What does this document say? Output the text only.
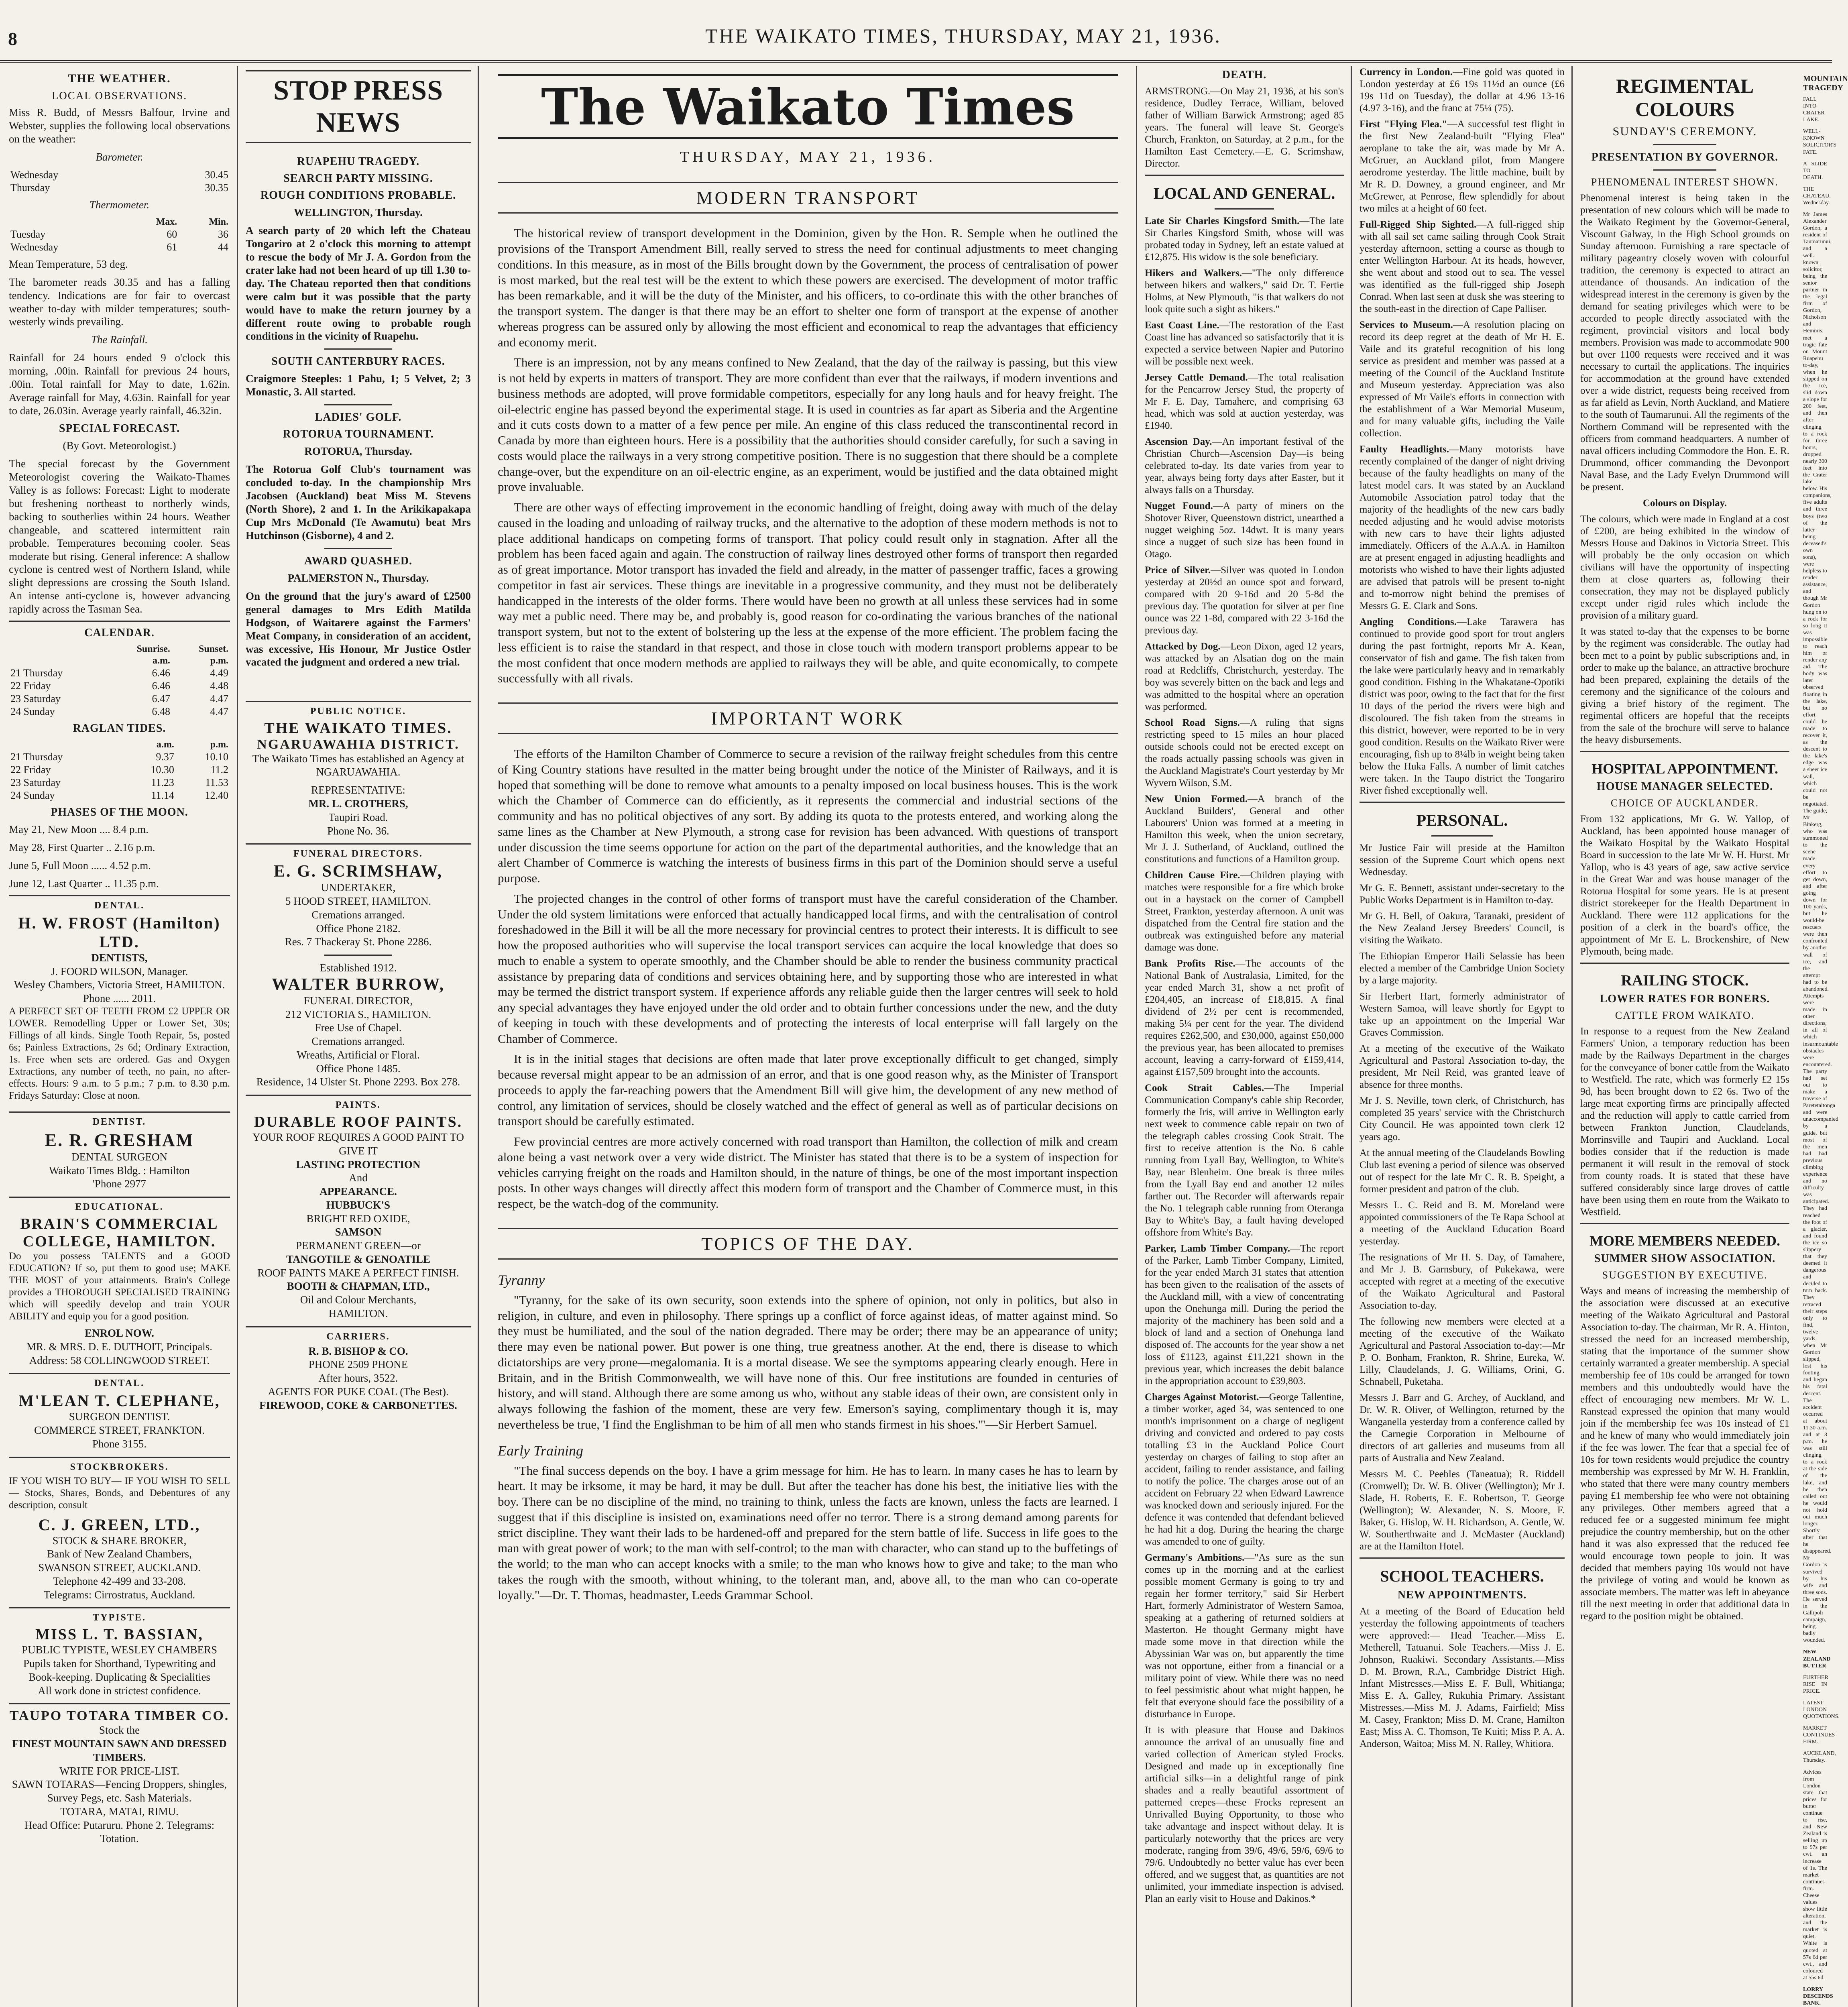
8	THE WAIKATO TIMES, THURSDAY, MAY 21, 1936.
THE WEATHER.
LOCAL OBSERVATIONS.

Miss R. Budd, of Messrs Balfour, Irvine and Webster, supplies the following local observations on the weather:

Barometer.
Wednesday	30.45
Thursday	30.35
Thermometer.
	Max.	Min.
Tuesday	60	36
Wednesday	61	44

Mean Temperature, 53 deg.

The barometer reads 30.35 and has a falling tendency. Indications are for fair to overcast weather to-day with milder temperatures; south-westerly winds prevailing.

The Rainfall.

Rainfall for 24 hours ended 9 o'clock this morning, .00in. Rainfall for previous 24 hours, .00in. Total rainfall for May to date, 1.62in. Average rainfall for May, 4.63in. Rainfall for year to date, 26.03in. Average yearly rainfall, 46.32in.

SPECIAL FORECAST.
(By Govt. Meteorologist.)

The special forecast by the Government Meteorologist covering the Waikato-Thames Valley is as follows: Forecast: Light to moderate but freshening northeast to northerly winds, backing to southerlies within 24 hours. Weather changeable, and scattered intermittent rain probable. Temperatures becoming cooler. Seas moderate but rising. General inference: A shallow cyclone is centred west of Northern Island, while slight depressions are crossing the South Island. An intense anti-cyclone is, however advancing rapidly across the Tasman Sea.

CALENDAR.
	Sunrise.	Sunset.
	a.m.	p.m.
21 Thursday	6.46	4.49
22 Friday	6.46	4.48
23 Saturday	6.47	4.47
24 Sunday	6.48	4.47
RAGLAN TIDES.
	a.m.	p.m.
21 Thursday	9.37	10.10
22 Friday	10.30	11.2
23 Saturday	11.23	11.53
24 Sunday	11.14	12.40
PHASES OF THE MOON.
May 21, New Moon .... 8.4 p.m.
May 28, First Quarter .. 2.16 p.m.
June 5, Full Moon ...... 4.52 p.m.
June 12, Last Quarter .. 11.35 p.m.
DENTAL.
H. W. FROST (Hamilton) LTD.
DENTISTS,
J. FOORD WILSON, Manager.
Wesley Chambers, Victoria Street, HAMILTON.
Phone ...... 2011.

A PERFECT SET OF TEETH FROM £2 UPPER OR LOWER. Remodelling Upper or Lower Set, 30s; Fillings of all kinds. Single Tooth Repair, 5s, posted 6s; Painless Extractions, 2s 6d; Ordinary Extraction, 1s. Free when sets are ordered. Gas and Oxygen Extractions, any number of teeth, no pain, no after-effects. Hours: 9 a.m. to 5 p.m.; 7 p.m. to 8.30 p.m. Fridays Saturday: Close at noon.

DENTIST.
E. R. GRESHAM
DENTAL SURGEON
Waikato Times Bldg. : Hamilton
'Phone 2977
EDUCATIONAL.
BRAIN'S COMMERCIAL COLLEGE, HAMILTON.

Do you possess TALENTS and a GOOD EDUCATION? If so, put them to good use; MAKE THE MOST of your attainments. Brain's College provides a THOROUGH SPECIALISED TRAINING which will speedily develop and train YOUR ABILITY and equip you for a good position.

ENROL NOW.
MR. & MRS. D. E. DUTHOIT, Principals.
Address: 58 COLLINGWOOD STREET.
DENTAL.
M'LEAN T. CLEPHANE,
SURGEON DENTIST.
COMMERCE STREET, FRANKTON.
Phone 3155.
STOCKBROKERS.

IF YOU WISH TO BUY— IF YOU WISH TO SELL— Stocks, Shares, Bonds, and Debentures of any description, consult

C. J. GREEN, LTD.,
STOCK & SHARE BROKER,
Bank of New Zealand Chambers,
SWANSON STREET, AUCKLAND.
Telephone 42-499 and 33-208.
Telegrams: Cirrostratus, Auckland.
TYPISTE.
MISS L. T. BASSIAN,
PUBLIC TYPISTE, WESLEY CHAMBERS
Pupils taken for Shorthand, Typewriting and Book-keeping. Duplicating & Specialities
All work done in strictest confidence.
TAUPO TOTARA TIMBER CO.
Stock the
FINEST MOUNTAIN SAWN AND DRESSED TIMBERS.
WRITE FOR PRICE-LIST.
SAWN TOTARAS—Fencing Droppers, shingles, Survey Pegs, etc. Sash Materials.
TOTARA, MATAI, RIMU.
Head Office: Putaruru. Phone 2. Telegrams: Totation.
STOP PRESS NEWS
RUAPEHU TRAGEDY.
SEARCH PARTY MISSING.
ROUGH CONDITIONS PROBABLE.
WELLINGTON, Thursday.

A search party of 20 which left the Chateau Tongariro at 2 o'clock this morning to attempt to rescue the body of Mr J. A. Gordon from the crater lake had not been heard of up till 1.30 to-day. The Chateau reported then that conditions were calm but it was possible that the party would have to make the return journey by a different route owing to probable rough conditions in the vicinity of Ruapehu.

SOUTH CANTERBURY RACES.

Craigmore Steeples: 1 Pahu, 1; 5 Velvet, 2; 3 Monastic, 3. All started.

LADIES' GOLF.
ROTORUA TOURNAMENT.
ROTORUA, Thursday.

The Rotorua Golf Club's tournament was concluded to-day. In the championship Mrs Jacobsen (Auckland) beat Miss M. Stevens (North Shore), 2 and 1. In the Arikikapakapa Cup Mrs McDonald (Te Awamutu) beat Mrs Hutchinson (Gisborne), 4 and 2.

AWARD QUASHED.
PALMERSTON N., Thursday.

On the ground that the jury's award of £2500 general damages to Mrs Edith Matilda Hodgson, of Waitarere against the Farmers' Meat Company, in consideration of an accident, was excessive, His Honour, Mr Justice Ostler vacated the judgment and ordered a new trial.

PUBLIC NOTICE.
THE WAIKATO TIMES.
NGARUAWAHIA DISTRICT.

The Waikato Times has established an Agency at NGARUAWAHIA.

REPRESENTATIVE:
MR. L. CROTHERS,
Taupiri Road.
Phone No. 36.
FUNERAL DIRECTORS.
E. G. SCRIMSHAW,
UNDERTAKER,
5 HOOD STREET, HAMILTON.
Cremations arranged.
Office Phone 2182.
Res. 7 Thackeray St. Phone 2286.
Established 1912.
WALTER BURROW,
FUNERAL DIRECTOR,
212 VICTORIA S., HAMILTON.
Free Use of Chapel.
Cremations arranged.
Wreaths, Artificial or Floral.
Office Phone 1485.
Residence, 14 Ulster St. Phone 2293. Box 278.
PAINTS.
DURABLE ROOF PAINTS.
YOUR ROOF REQUIRES A GOOD PAINT TO GIVE IT
LASTING PROTECTION
And
APPEARANCE.
HUBBUCK'S
BRIGHT RED OXIDE,
SAMSON
PERMANENT GREEN—or
TANGOTILE & GENOATILE
ROOF PAINTS MAKE A PERFECT FINISH.
BOOTH & CHAPMAN, LTD.,
Oil and Colour Merchants,
HAMILTON.
CARRIERS.
R. B. BISHOP & CO.
PHONE 2509 PHONE
After hours, 3522.
AGENTS FOR PUKE COAL (The Best).
FIREWOOD, COKE & CARBONETTES.
The Waikato Times
THURSDAY, MAY 21, 1936.
MODERN TRANSPORT

The historical review of transport development in the Dominion, given by the Hon. R. Semple when he outlined the provisions of the Transport Amendment Bill, really served to stress the need for continual adjustments to meet changing conditions. In this measure, as in most of the Bills brought down by the Government, the process of centralisation of power is most marked, but the real test will be the extent to which these powers are exercised. The development of motor traffic has been remarkable, and it will be the duty of the Minister, and his officers, to co-ordinate this with the other branches of the transport system. The danger is that there may be an effort to shelter one form of transport at the expense of another whereas progress can be assured only by allowing the most efficient and economical to reap the advantages that efficiency and economy merit.

There is an impression, not by any means confined to New Zealand, that the day of the railway is passing, but this view is not held by experts in matters of transport. They are more confident than ever that the railways, if modern inventions and business methods are adopted, will prove formidable competitors, especially for any long hauls and for heavy freight. The oil-electric engine has passed beyond the experimental stage. It is used in countries as far apart as Siberia and the Argentine and it cuts costs down to a matter of a few pence per mile. An engine of this class reduced the transcontinental record in Canada by more than eighteen hours. Here is a possibility that the authorities should consider carefully, for such a saving in costs would place the railways in a very strong competitive position. There is no suggestion that there should be a complete change-over, but the expenditure on an oil-electric engine, as an experiment, would be justified and the data obtained might prove invaluable.

There are other ways of effecting improvement in the economic handling of freight, doing away with much of the delay caused in the loading and unloading of railway trucks, and the alternative to the adoption of these modern methods is not to place additional handicaps on competing forms of transport. That policy could result only in stagnation. After all the problem has been faced again and again. The construction of railway lines destroyed other forms of transport then regarded as of great importance. Motor transport has invaded the field and already, in the matter of passenger traffic, faces a growing competitor in fast air services. These things are inevitable in a progressive community, and they must not be deliberately handicapped in the interests of the older forms. There would have been no growth at all unless these services had in some way met a public need. There may be, and probably is, good reason for co-ordinating the various branches of the national transport system, but not to the extent of bolstering up the less at the expense of the more efficient. The problem facing the less efficient is to raise the standard in that respect, and those in close touch with modern transport problems appear to be the most confident that once modern methods are applied to railways they will be able, and quite economically, to compete successfully with all rivals.

IMPORTANT WORK

The efforts of the Hamilton Chamber of Commerce to secure a revision of the railway freight schedules from this centre of King Country stations have resulted in the matter being brought under the notice of the Minister of Railways, and it is hoped that something will be done to remove what amounts to a penalty imposed on local business houses. This is the work which the Chamber of Commerce can do efficiently, as it represents the commercial and industrial sections of the community and has no political objectives of any sort. By adding its quota to the protests entered, and working along the same lines as the Chamber at New Plymouth, a strong case for revision has been advanced. With questions of transport under discussion the time seems opportune for action on the part of the departmental authorities, and the knowledge that an alert Chamber of Commerce is watching the interests of business firms in this part of the Dominion should serve a useful purpose.

The projected changes in the control of other forms of transport must have the careful consideration of the Chamber. Under the old system limitations were enforced that actually handicapped local firms, and with the centralisation of control foreshadowed in the Bill it will be all the more necessary for provincial centres to protect their interests. It is difficult to see how the proposed authorities who will supervise the local transport services can acquire the local knowledge that does so much to enable a system to operate smoothly, and the Chamber should be able to render the business community practical assistance by preparing data of conditions and services obtaining here, and by supporting those who are interested in what may be termed the district transport system. If experience affords any reliable guide then the larger centres will seek to hold any special advantages they have enjoyed under the old order and to obtain further concessions under the new, and the duty of keeping in touch with these developments and of protecting the interests of local enterprise will fall largely on the Chamber of Commerce.

It is in the initial stages that decisions are often made that later prove exceptionally difficult to get changed, simply because reversal might appear to be an admission of an error, and that is one good reason why, as the Minister of Transport proceeds to apply the far-reaching powers that the Amendment Bill will give him, the development of any new method of control, any limitation of services, should be closely watched and the effect of general as well as of particular decisions on transport should be carefully estimated.

Few provincial centres are more actively concerned with road transport than Hamilton, the collection of milk and cream alone being a vast network over a very wide district. The Minister has stated that there is to be a system of inspection for vehicles carrying freight on the roads and Hamilton should, in the nature of things, be one of the most important inspection posts. In other ways changes will directly affect this modern form of transport and the Chamber of Commerce must, in this respect, be the watch-dog of the community.

TOPICS OF THE DAY.
Tyranny

"Tyranny, for the sake of its own security, soon extends into the sphere of opinion, not only in politics, but also in religion, in culture, and even in philosophy. There springs up a conflict of force against ideas, of matter against mind. So they must be humiliated, and the soul of the nation degraded. There may be order; there may be an appearance of unity; there may even be national power. But power is one thing, true greatness another. At the end, there is disease to which dictatorships are very prone—megalomania. It is a mortal disease. We see the symptoms appearing clearly enough. Here in Britain, and in the British Commonwealth, we will have none of this. Our free institutions are founded in centuries of history, and will stand. Although there are some among us who, without any stable ideas of their own, are consistent only in always following the fashion of the moment, these are very few. Emerson's saying, complimentary though it is, may nevertheless be true, 'I find the Englishman to be him of all men who stands firmest in his shoes.'"—Sir Herbert Samuel.

Early Training

"The final success depends on the boy. I have a grim message for him. He has to learn. In many cases he has to learn by heart. It may be irksome, it may be hard, it may be dull. But after the teacher has done his best, the initiative lies with the boy. There can be no discipline of the mind, no training to think, unless the facts are known, unless the facts are learned. I suggest that if this discipline is insisted on, examinations need offer no terror. There is a strong demand among parents for strict discipline. They want their lads to be hardened-off and prepared for the stern battle of life. Success in life goes to the man with great power of work; to the man with self-control; to the man with character, who can stand up to the buffetings of the world; to the man who can accept knocks with a smile; to the man who knows how to give and take; to the man who takes the rough with the smooth, without whining, to the tolerant man, and, above all, to the man who can co-operate loyally."—Dr. T. Thomas, headmaster, Leeds Grammar School.

DEATH.

ARMSTRONG.—On May 21, 1936, at his son's residence, Dudley Terrace, William, beloved father of William Barwick Armstrong; aged 85 years. The funeral will leave St. George's Church, Frankton, on Saturday, at 2 p.m., for the Hamilton East Cemetery.—E. G. Scrimshaw, Director.

LOCAL AND GENERAL.

Late Sir Charles Kingsford Smith.—The late Sir Charles Kingsford Smith, whose will was probated today in Sydney, left an estate valued at £12,875. His widow is the sole beneficiary.

Hikers and Walkers.—"The only difference between hikers and walkers," said Dr. T. Fertie Holms, at New Plymouth, "is that walkers do not look quite such a sight as hikers."

East Coast Line.—The restoration of the East Coast line has advanced so satisfactorily that it is expected a service between Napier and Putorino will be possible next week.

Jersey Cattle Demand.—The total realisation for the Pencarrow Jersey Stud, the property of Mr F. E. Day, Tamahere, and comprising 63 head, which was sold at auction yesterday, was £1940.

Ascension Day.—An important festival of the Christian Church—Ascension Day—is being celebrated to-day. Its date varies from year to year, always being forty days after Easter, but it always falls on a Thursday.

Nugget Found.—A party of miners on the Shotover River, Queenstown district, unearthed a nugget weighing 5oz. 14dwt. It is many years since a nugget of such size has been found in Otago.

Price of Silver.—Silver was quoted in London yesterday at 20½d an ounce spot and forward, compared with 20 9-16d and 20 5-8d the previous day. The quotation for silver at per fine ounce was 22 1-8d, compared with 22 3-16d the previous day.

Attacked by Dog.—Leon Dixon, aged 12 years, was attacked by an Alsatian dog on the main road at Redcliffs, Christchurch, yesterday. The boy was severely bitten on the back and legs and was admitted to the hospital where an operation was performed.

School Road Signs.—A ruling that signs restricting speed to 15 miles an hour placed outside schools could not be erected except on the roads actually passing schools was given in the Auckland Magistrate's Court yesterday by Mr Wyvern Wilson, S.M.

New Union Formed.—A branch of the Auckland Builders', General and other Labourers' Union was formed at a meeting in Hamilton this week, when the union secretary, Mr J. J. Sutherland, of Auckland, outlined the constitutions and functions of a Hamilton group.

Children Cause Fire.—Children playing with matches were responsible for a fire which broke out in a haystack on the corner of Campbell Street, Frankton, yesterday afternoon. A unit was dispatched from the Central fire station and the outbreak was extinguished before any material damage was done.

Bank Profits Rise.—The accounts of the National Bank of Australasia, Limited, for the year ended March 31, show a net profit of £204,405, an increase of £18,815. A final dividend of 2½ per cent is recommended, making 5¼ per cent for the year. The dividend requires £262,500, and £30,000, against £50,000 the previous year, has been allocated to premises account, leaving a carry-forward of £159,414, against £157,509 brought into the accounts.

Cook Strait Cables.—The Imperial Communication Company's cable ship Recorder, formerly the Iris, will arrive in Wellington early next week to commence cable repair on two of the telegraph cables crossing Cook Strait. The first to receive attention is the No. 6 cable running from Lyall Bay, Wellington, to White's Bay, near Blenheim. One break is three miles from the Lyall Bay end and another 12 miles farther out. The Recorder will afterwards repair the No. 1 telegraph cable running from Oteranga Bay to White's Bay, a fault having developed offshore from White's Bay.

Parker, Lamb Timber Company.—The report of the Parker, Lamb Timber Company, Limited, for the year ended March 31 states that attention has been given to the realisation of the assets of the Auckland mill, with a view of concentrating upon the Onehunga mill. During the period the majority of the machinery has been sold and a block of land and a section of Onehunga land disposed of. The accounts for the year show a net loss of £1123, against £11,221 shown in the previous year, which increases the debit balance in the appropriation account to £39,803.

Charges Against Motorist.—George Tallentine, a timber worker, aged 34, was sentenced to one month's imprisonment on a charge of negligent driving and convicted and ordered to pay costs totalling £3 in the Auckland Police Court yesterday on charges of failing to stop after an accident, failing to render assistance, and failing to notify the police. The charges arose out of an accident on February 22 when Edward Lawrence was knocked down and seriously injured. For the defence it was contended that defendant believed he had hit a dog. During the hearing the charge was amended to one of guilty.

Germany's Ambitions.—"As sure as the sun comes up in the morning and at the earliest possible moment Germany is going to try and regain her former territory," said Sir Herbert Hart, formerly Administrator of Western Samoa, speaking at a gathering of returned soldiers at Masterton. He thought Germany might have made some move in that direction while the Abyssinian War was on, but apparently the time was not opportune, either from a financial or a military point of view. While there was no need to feel pessimistic about what might happen, he felt that everyone should face the possibility of a disturbance in Europe.

It is with pleasure that House and Dakinos announce the arrival of an unusually fine and varied collection of American styled Frocks. Designed and made up in exceptionally fine artificial silks—in a delightful range of pink shades and a really beautiful assortment of patterned crepes—these Frocks represent an Unrivalled Buying Opportunity, to those who take advantage and inspect without delay. It is particularly noteworthy that the prices are very moderate, ranging from 39/6, 49/6, 59/6, 69/6 to 79/6. Undoubtedly no better value has ever been offered, and we suggest that, as quantities are not unlimited, your immediate inspection is advised. Plan an early visit to House and Dakinos.*

Currency in London.—Fine gold was quoted in London yesterday at £6 19s 11½d an ounce (£6 19s 11d on Tuesday), the dollar at 4.96 13-16 (4.97 3-16), and the franc at 75¼ (75).

First "Flying Flea."—A successful test flight in the first New Zealand-built "Flying Flea" aeroplane to take the air, was made by Mr A. McGruer, an Auckland pilot, from Mangere aerodrome yesterday. The little machine, built by Mr R. D. Downey, a ground engineer, and Mr McGrewer, at Penrose, flew splendidly for about two miles at a height of 60 feet.

Full-Rigged Ship Sighted.—A full-rigged ship with all sail set came sailing through Cook Strait yesterday afternoon, setting a course as though to enter Wellington Harbour. At its heads, however, she went about and stood out to sea. The vessel was identified as the full-rigged ship Joseph Conrad. When last seen at dusk she was steering to the south-east in the direction of Cape Palliser.

Services to Museum.—A resolution placing on record its deep regret at the death of Mr H. E. Vaile and its grateful recognition of his long service as president and member was passed at a meeting of the Council of the Auckland Institute and Museum yesterday. Appreciation was also expressed of Mr Vaile's efforts in connection with the establishment of a War Memorial Museum, and for many valuable gifts, including the Vaile collection.

Faulty Headlights.—Many motorists have recently complained of the danger of night driving because of the faulty headlights on many of the latest model cars. It was stated by an Auckland Automobile Association patrol today that the majority of the headlights of the new cars badly needed adjusting and he would advise motorists with new cars to have their lights adjusted immediately. Officers of the A.A.A. in Hamilton are at present engaged in adjusting headlights and motorists who wished to have their lights adjusted are advised that patrols will be present to-night and to-morrow night behind the premises of Messrs G. E. Clark and Sons.

Angling Conditions.—Lake Tarawera has continued to provide good sport for trout anglers during the past fortnight, reports Mr A. Kean, conservator of fish and game. The fish taken from the lake were particularly heavy and in remarkably good condition. Fishing in the Whakatane-Opotiki district was poor, owing to the fact that for the first 10 days of the period the rivers were high and discoloured. The fish taken from the streams in this district, however, were reported to be in very good condition. Results on the Waikato River were encouraging, fish up to 8¼lb in weight being taken below the Huka Falls. A number of limit catches were taken. In the Taupo district the Tongariro River fished exceptionally well.

PERSONAL.

Mr Justice Fair will preside at the Hamilton session of the Supreme Court which opens next Wednesday.

Mr G. E. Bennett, assistant under-secretary to the Public Works Department is in Hamilton to-day.

Mr G. H. Bell, of Oakura, Taranaki, president of the New Zealand Jersey Breeders' Council, is visiting the Waikato.

The Ethiopian Emperor Haili Selassie has been elected a member of the Cambridge Union Society by a large majority.

Sir Herbert Hart, formerly administrator of Western Samoa, will leave shortly for Egypt to take up an appointment on the Imperial War Graves Commission.

At a meeting of the executive of the Waikato Agricultural and Pastoral Association to-day, the president, Mr Neil Reid, was granted leave of absence for three months.

Mr J. S. Neville, town clerk, of Christchurch, has completed 35 years' service with the Christchurch City Council. He was appointed town clerk 12 years ago.

At the annual meeting of the Claudelands Bowling Club last evening a period of silence was observed out of respect for the late Mr C. R. B. Speight, a former president and patron of the club.

Messrs L. C. Reid and B. M. Moreland were appointed commissioners of the Te Rapa School at a meeting of the Auckland Education Board yesterday.

The resignations of Mr H. S. Day, of Tamahere, and Mr J. B. Garnsbury, of Pukekawa, were accepted with regret at a meeting of the executive of the Waikato Agricultural and Pastoral Association to-day.

The following new members were elected at a meeting of the executive of the Waikato Agricultural and Pastoral Association to-day:—Mr P. O. Bonham, Frankton, R. Shrine, Eureka, W. Lilly, Claudelands, J. G. Williams, Orini, G. Schnabell, Puketaha.

Messrs J. Barr and G. Archey, of Auckland, and Dr. W. R. Oliver, of Wellington, returned by the Wanganella yesterday from a conference called by the Carnegie Corporation in Melbourne of directors of art galleries and museums from all parts of Australia and New Zealand.

Messrs M. C. Peebles (Taneatua); R. Riddell (Cromwell); Dr. W. B. Oliver (Wellington); Mr J. Slade, H. Roberts, E. E. Robertson, T. George (Wellington); W. Alexander, N. S. Moore, F. Baker, G. Hislop, W. H. Richardson, A. Gentle, W. W. Southerthwaite and J. McMaster (Auckland) are at the Hamilton Hotel.

SCHOOL TEACHERS.
NEW APPOINTMENTS.

At a meeting of the Board of Education held yesterday the following appointments of teachers were approved:— Head Teacher.—Miss E. Metherell, Tatuanui. Sole Teachers.—Miss J. E. Johnson, Ruakiwi. Secondary Assistants.—Miss D. M. Brown, R.A., Cambridge District High. Infant Mistresses.—Miss E. F. Bull, Whitianga; Miss E. A. Galley, Rukuhia Primary. Assistant Mistresses.—Miss M. J. Adams, Fairfield; Miss M. Casey, Frankton; Miss D. M. Crane, Hamilton East; Miss A. C. Thomson, Te Kuiti; Miss P. A. A. Anderson, Waitoa; Miss M. N. Ralley, Whitiora.

REGIMENTAL COLOURS
SUNDAY'S CEREMONY.
PRESENTATION BY GOVERNOR.
PHENOMENAL INTEREST SHOWN.

Phenomenal interest is being taken in the presentation of new colours which will be made to the Waikato Regiment by the Governor-General, Viscount Galway, in the High School grounds on Sunday afternoon. Furnishing a rare spectacle of military pageantry closely woven with colourful tradition, the ceremony is expected to attract an attendance of thousands. An indication of the widespread interest in the ceremony is given by the demand for seating privileges which were to be accorded to people directly associated with the regiment, provincial visitors and local body members. Provision was made to accommodate 900 but over 1100 requests were received and it was necessary to curtail the applications. The inquiries for accommodation at the ground have extended over a wide district, requests being received from as far afield as Levin, North Auckland, and Matiere to the south of Taumarunui. All the regiments of the Northern Command will be represented with the officers from command headquarters. A number of naval officers including Commodore the Hon. E. R. Drummond, officer commanding the Devonport Naval Base, and the Lady Evelyn Drummond will be present.

Colours on Display.

The colours, which were made in England at a cost of £200, are being exhibited in the window of Messrs House and Dakinos in Victoria Street. This will probably be the only occasion on which civilians will have the opportunity of inspecting them at close quarters as, following their consecration, they may not be displayed publicly except under rigid rules which include the provision of a military guard.

It was stated to-day that the expenses to be borne by the regiment was considerable. The outlay had been met to a point by public subscriptions and, in order to make up the balance, an attractive brochure had been prepared, explaining the details of the ceremony and the significance of the colours and giving a brief history of the regiment. The regimental officers are hopeful that the receipts from the sale of the brochure will serve to balance the heavy disbursements.

HOSPITAL APPOINTMENT.
HOUSE MANAGER SELECTED.
CHOICE OF AUCKLANDER.

From 132 applications, Mr G. W. Yallop, of Auckland, has been appointed house manager of the Waikato Hospital by the Waikato Hospital Board in succession to the late Mr W. H. Hurst. Mr Yallop, who is 43 years of age, saw active service in the Great War and was house manager of the Rotorua Hospital for some years. He is at present district storekeeper for the Health Department in Auckland. There were 112 applications for the position of a clerk in the board's office, the appointment of Mr E. L. Brockenshire, of New Plymouth, being made.

RAILING STOCK.
LOWER RATES FOR BONERS.
CATTLE FROM WAIKATO.

In response to a request from the New Zealand Farmers' Union, a temporary reduction has been made by the Railways Department in the charges for the conveyance of boner cattle from the Waikato to Westfield. The rate, which was formerly £2 15s 9d, has been brought down to £2 6s. Two of the large meat exporting firms are principally affected and the reduction will apply to cattle carried from between Frankton Junction, Claudelands, Morrinsville and Taupiri and Auckland. Local bodies consider that if the reduction is made permanent it will result in the removal of stock from county roads. It is stated that these have suffered considerably since large droves of cattle have been using them en route from the Waikato to Westfield.

MORE MEMBERS NEEDED.
SUMMER SHOW ASSOCIATION.
SUGGESTION BY EXECUTIVE.

Ways and means of increasing the membership of the association were discussed at an executive meeting of the Waikato Agricultural and Pastoral Association to-day. The chairman, Mr R. A. Hinton, stressed the need for an increased membership, stating that the importance of the summer show certainly warranted a greater membership. A special membership fee of 10s could be arranged for town members and this undoubtedly would have the effect of encouraging new members. Mr W. L. Ranstead expressed the opinion that many would join if the membership fee was 10s instead of £1 and he knew of many who would immediately join if the fee was lower. The fear that a special fee of 10s for town residents would prejudice the country membership was expressed by Mr W. H. Franklin, who stated that there were many country members paying £1 membership fee who were not obtaining any privileges. Other members agreed that a reduced fee or a suggested minimum fee might prejudice the country membership, but on the other hand it was also expressed that the reduced fee would encourage town people to join. It was decided that members paying 10s would not have the privilege of voting and would be known as associate members. The matter was left in abeyance till the next meeting in order that additional data in regard to the position might be obtained.

MOUNTAIN TRAGEDY
FALL INTO CRATER LAKE.
WELL-KNOWN SOLICITOR'S FATE.
A SLIDE TO DEATH.
THE CHATEAU, Wednesday.

Mr James Alexander Gordon, a resident of Taumarunui, and a well-known solicitor, being the senior partner in the legal firm of Gordon, Nicholson and Hemmis, met a tragic fate on Mount Ruapehu to-day, when he slipped on the ice, slid down a slope for 200 feet, and then after clinging to a rock for three hours, dropped nearly 300 feet into the Crater lake below. His companions, five adults and three boys (two of the latter being deceased's own sons), were helpless to render assistance, and though Mr Gordon hung on to a rock for so long it was impossible to reach him or render any aid. The body was later observed floating in the lake, but no effort could be made to recover it, as the descent to the lake's edge was a sheer ice wall, which could not be negotiated. The guide, Mr Binkerg, who was summoned to the scene made every effort to get down, and after going down for 100 yards, but he would-be rescuers were then confronted by another wall of ice, and the attempt had to be abandoned. Attempts were made in other directions, in all of which insurmountable obstacles were encountered. The party had set out to make a traverse of Paretetaitonga and were unaccompanied by a guide, but most of the men had had previous climbing experience and no difficulty was anticipated. They had reached the foot of a glacier, and found the ice so slippery that they deemed it dangerous and decided to turn back. They retraced their steps only to find, twelve yards when Mr Gordon slipped, lost his footing, and began his fatal descent. The accident occurred at about 11.30 a.m. and at 3 p.m. he was still clinging to a rock at the side of the lake, and he then called out he would not hold out much longer. Shortly after that he disappeared. Mr Gordon is survived by his wife and three sons. He served in the Gallipoli campaign, being badly wounded.

NEW ZEALAND BUTTER
FURTHER RISE IN PRICE.
LATEST LONDON QUOTATIONS.
MARKET CONTINUES FIRM.
AUCKLAND, Thursday.

Advices from London state that prices for butter continue to rise, and New Zealand is selling up to 97s per cwt. an increase of 1s. The market continues firm. Cheese values show little alteration, and the market is quiet. White is quoted at 57s 6d per cwt., and coloured at 55s 6d.

LORRY DESCENDS BANK.
